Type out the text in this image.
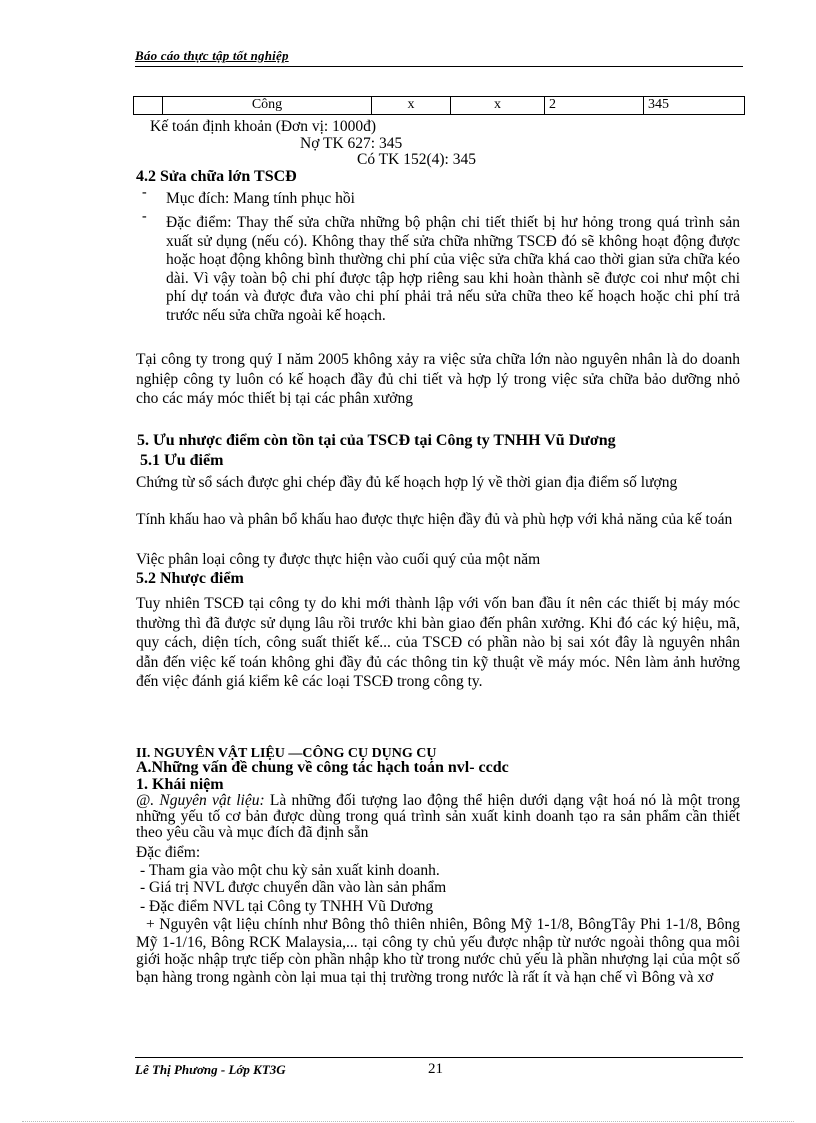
Báo cáo thực tập tốt nghiệp
	Công	x	x	2	345
Kế toán định khoản (Đơn vị: 1000đ)
Nợ TK 627: 345
Có TK 152(4): 345
4.2 Sửa chữa lớn TSCĐ
- Mục đích: Mang tính phục hồi
- Đặc điểm: Thay thế sửa chữa những bộ phận chi tiết thiết bị hư hỏng trong quá trình sản xuất sử dụng (nếu có). Không thay thế sửa chữa những TSCĐ đó sẽ không hoạt động được hoặc hoạt động không bình thường chi phí của việc sửa chữa khá cao thời gian sửa chữa kéo dài. Vì vậy toàn bộ chi phí được tập hợp riêng sau khi hoàn thành sẽ được coi như một chi phí dự toán và được đưa vào chi phí phải trả nếu sửa chữa theo kế hoạch hoặc chi phí trả trước nếu sửa chữa ngoài kế hoạch.
Tại công ty trong quý I năm 2005 không xảy ra việc sửa chữa lớn nào nguyên nhân là do doanh nghiệp công ty luôn có kế hoạch đầy đủ chi tiết và hợp lý trong việc sửa chữa bảo dưỡng nhỏ cho các máy móc thiết bị tại các phân xưởng
5. Ưu nhược điểm còn tồn tại của TSCĐ tại Công ty TNHH Vũ Dương
5.1 Ưu điểm
Chứng từ sổ sách được ghi chép đầy đủ kế hoạch hợp lý về thời gian địa điểm số lượng
Tính khấu hao và phân bổ khấu hao được thực hiện đầy đủ và phù hợp với khả năng của kế toán
Việc phân loại công ty được thực hiện vào cuối quý của một năm
5.2 Nhược điểm
Tuy nhiên TSCĐ tại công ty do khi mới thành lập với vốn ban đầu ít nên các thiết bị máy móc thường thì đã được sử dụng lâu rồi trước khi bàn giao đến phân xưởng. Khi đó các ký hiệu, mã, quy cách, diện tích, công suất thiết kế... của TSCĐ có phần nào bị sai xót đây là nguyên nhân dẫn đến việc kế toán không ghi đầy đủ các thông tin kỹ thuật về máy móc. Nên làm ảnh hưởng đến việc đánh giá kiểm kê các loại TSCĐ trong công ty.
II. NGUYÊN VẬT LIỆU —CÔNG CỤ DỤNG CỤ
A.Những vấn đề chung về công tác hạch toán nvl- ccdc
1. Khái niệm
@. Nguyên vật liệu: Là những đối tượng lao động thể hiện dưới dạng vật hoá nó là một trong những yếu tố cơ bản được dùng trong quá trình sản xuất kinh doanh tạo ra sản phẩm cần thiết theo yêu cầu và mục đích đã định sẵn
Đặc điểm:
- Tham gia vào một chu kỳ sản xuất kinh doanh.
- Giá trị NVL được chuyển dần vào làn sản phẩm
- Đặc điểm NVL tại Công ty TNHH Vũ Dương
+ Nguyên vật liệu chính như Bông thô thiên nhiên, Bông Mỹ 1-1/8, BôngTây Phi 1-1/8, Bông Mỹ 1-1/16, Bông RCK Malaysia,... tại công ty chủ yếu được nhập từ nước ngoài thông qua môi giới hoặc nhập trực tiếp còn phần nhập kho từ trong nước chủ yếu là phần nhượng lại của một số bạn hàng trong ngành còn lại mua tại thị trường trong nước là rất ít và hạn chế vì Bông và xơ
Lê Thị Phương - Lớp KT3G	21
